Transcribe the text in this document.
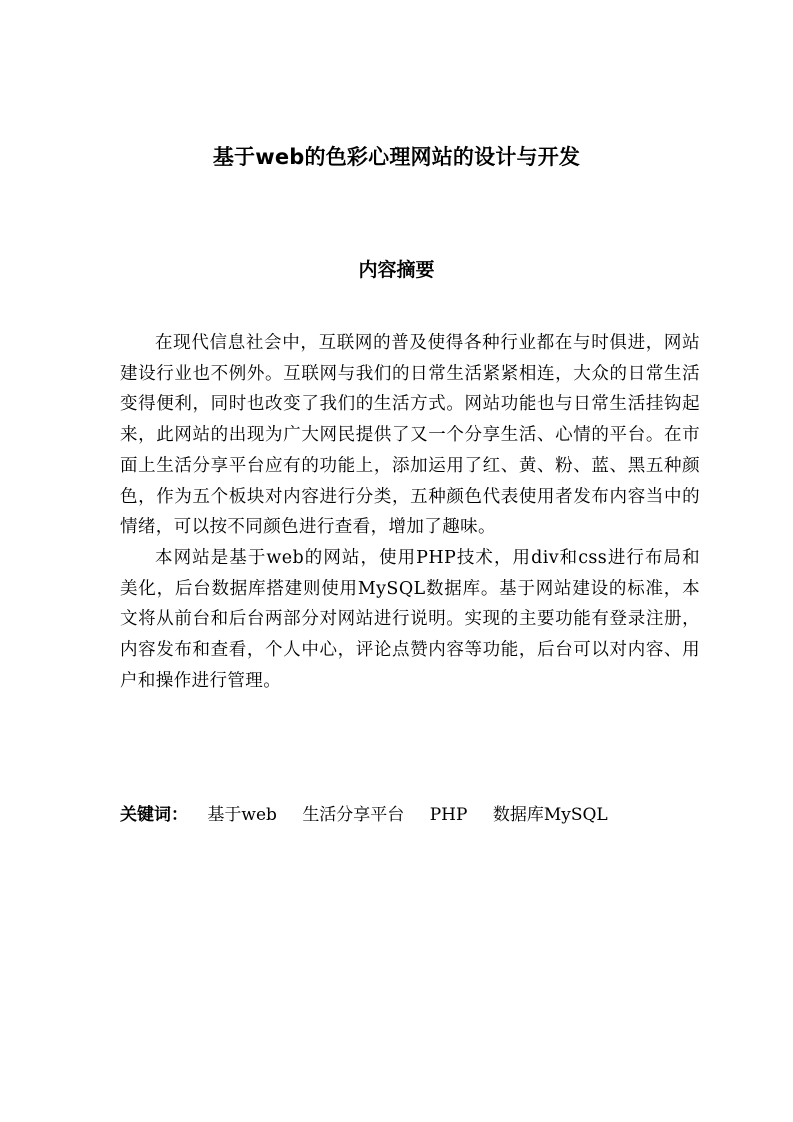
基于web的色彩心理网站的设计与开发
内容摘要

在现代信息社会中，互联网的普及使得各种行业都在与时俱进，网站建设行业也不例外。互联网与我们的日常生活紧紧相连，大众的日常生活变得便利，同时也改变了我们的生活方式。网站功能也与日常生活挂钩起来，此网站的出现为广大网民提供了又一个分享生活、心情的平台。在市面上生活分享平台应有的功能上，添加运用了红、黄、粉、蓝、黑五种颜色，作为五个板块对内容进行分类，五种颜色代表使用者发布内容当中的情绪，可以按不同颜色进行查看，增加了趣味。

本网站是基于web的网站，使用PHP技术，用div和css进行布局和美化，后台数据库搭建则使用MySQL数据库。基于网站建设的标准，本文将从前台和后台两部分对网站进行说明。实现的主要功能有登录注册，内容发布和查看，个人中心，评论点赞内容等功能，后台可以对内容、用户和操作进行管理。

关键词： 基于web 生活分享平台 PHP 数据库MySQL
